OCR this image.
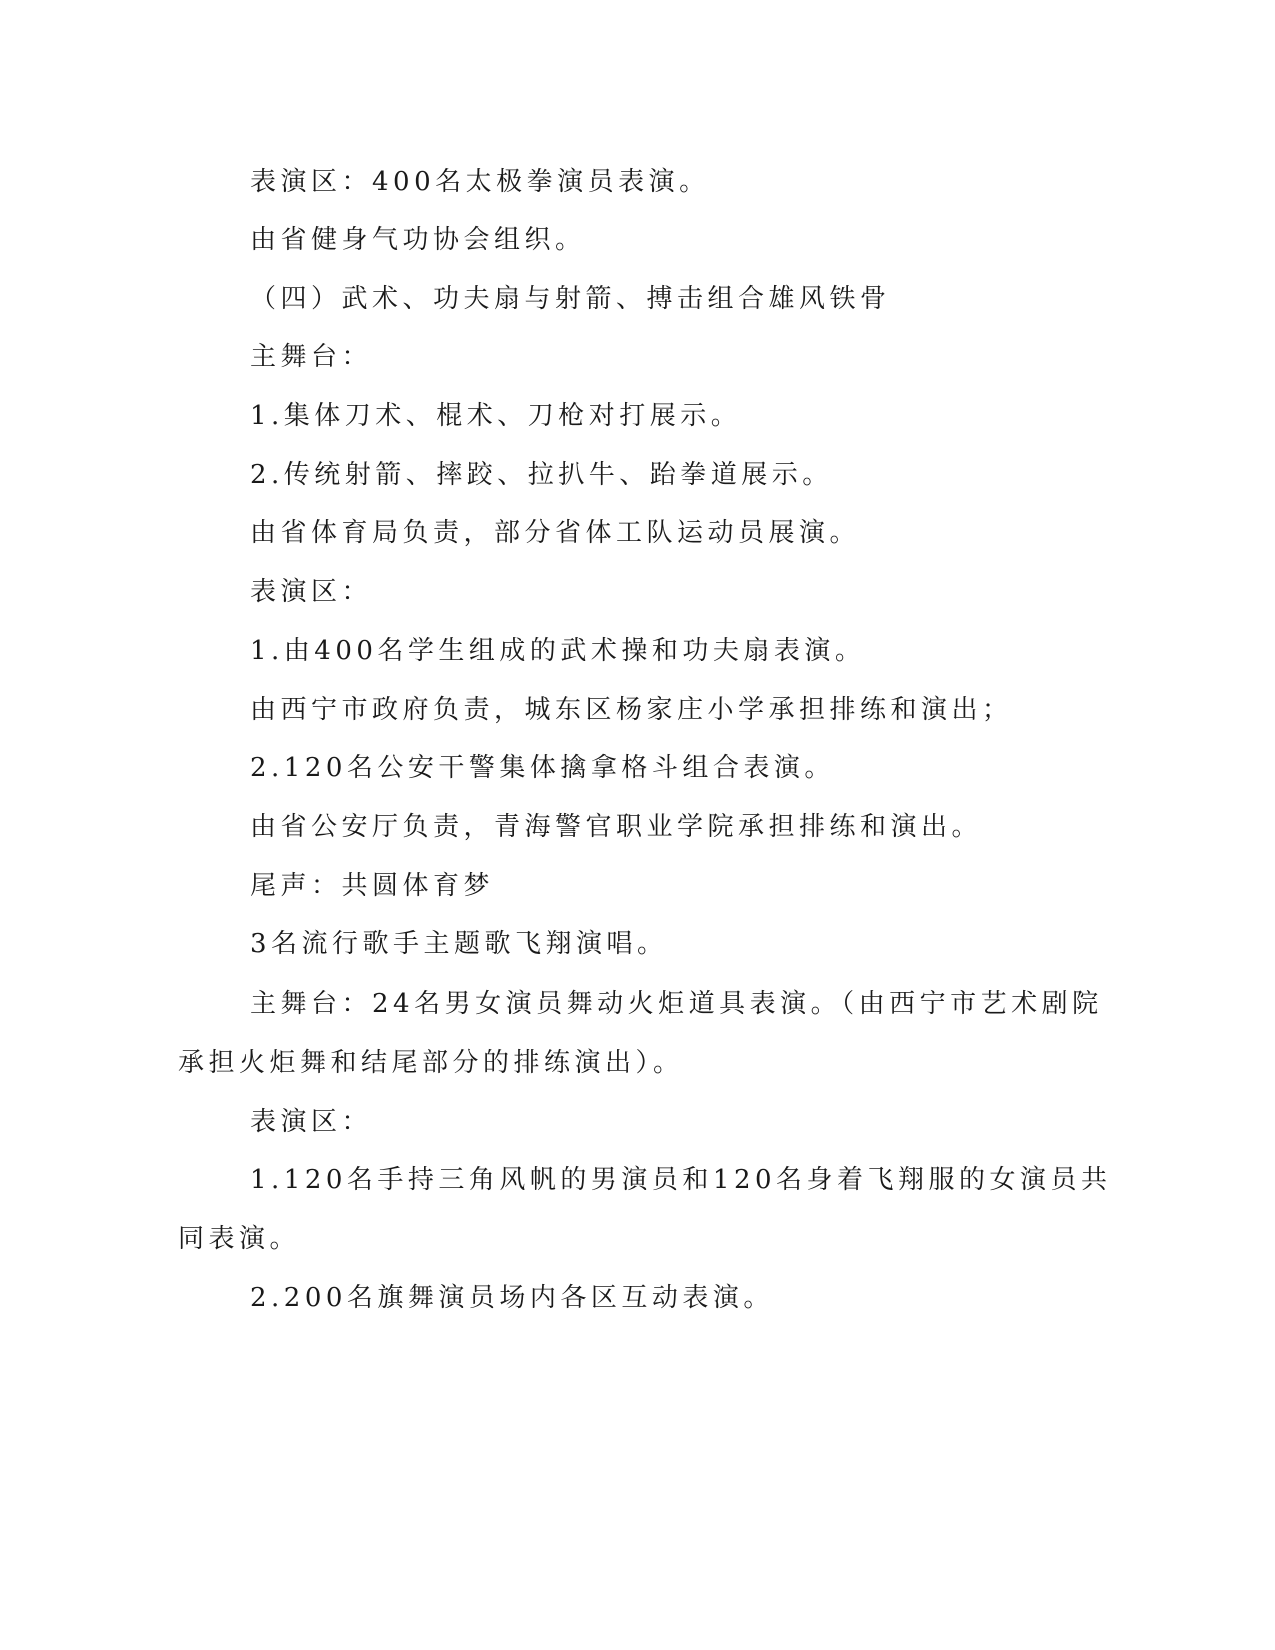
表演区：400名太极拳演员表演。
由省健身气功协会组织。
（四）武术、功夫扇与射箭、搏击组合雄风铁骨
主舞台：
1.集体刀术、棍术、刀枪对打展示。
2.传统射箭、摔跤、拉扒牛、跆拳道展示。
由省体育局负责，部分省体工队运动员展演。
表演区：
1.由400名学生组成的武术操和功夫扇表演。
由西宁市政府负责，城东区杨家庄小学承担排练和演出；
2.120名公安干警集体擒拿格斗组合表演。
由省公安厅负责，青海警官职业学院承担排练和演出。
尾声：共圆体育梦
3名流行歌手主题歌飞翔演唱。
主舞台：24名男女演员舞动火炬道具表演。（由西宁市艺术剧院
承担火炬舞和结尾部分的排练演出）。
表演区：
1.120名手持三角风帆的男演员和120名身着飞翔服的女演员共
同表演。
2.200名旗舞演员场内各区互动表演。
